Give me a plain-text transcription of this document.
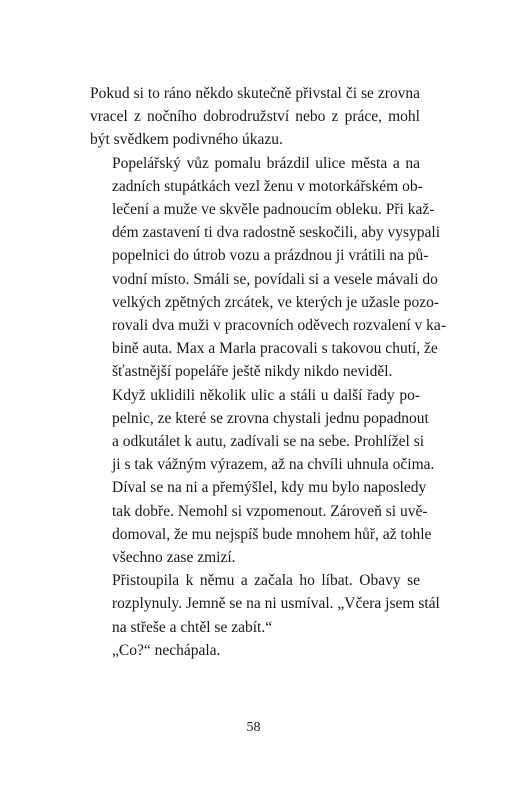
Pokud si to ráno někdo skutečně přivstal či se zrovna
vracel z nočního dobrodružství nebo z práce, mohl
být svědkem podivného úkazu.
Popelářský vůz pomalu brázdil ulice města a na
zadních stupátkách vezl ženu v motorkářském ob-
lečení a muže ve skvěle padnoucím obleku. Při kaž-
dém zastavení ti dva radostně seskočili, aby vysypali
popelnici do útrob vozu a prázdnou ji vrátili na pů-
vodní místo. Smáli se, povídali si a vesele mávali do
velkých zpětných zrcátek, ve kterých je užasle pozo-
rovali dva muži v pracovních oděvech rozvalení v ka-
bině auta. Max a Marla pracovali s takovou chutí, že
šťastnější popeláře ještě nikdy nikdo neviděl.
Když uklidili několik ulic a stáli u další řady po-
pelnic, ze které se zrovna chystali jednu popadnout
a odkutálet k autu, zadívali se na sebe. Prohlížel si
ji s tak vážným výrazem, až na chvíli uhnula očima.
Díval se na ni a přemýšlel, kdy mu bylo naposledy
tak dobře. Nemohl si vzpomenout. Zároveň si uvě-
domoval, že mu nejspíš bude mnohem hůř, až tohle
všechno zase zmizí.
Přistoupila k němu a začala ho líbat. Obavy se
rozplynuly. Jemně se na ni usmíval. „Včera jsem stál
na střeše a chtěl se zabít.“
„Co?“ nechápala.
58
